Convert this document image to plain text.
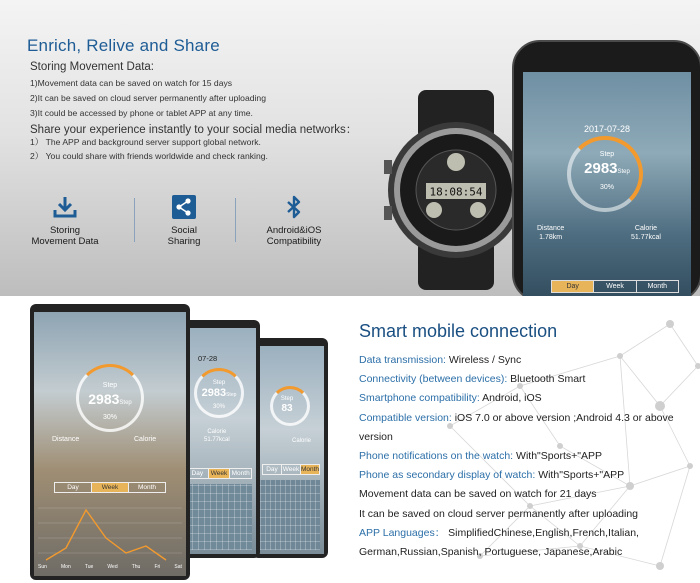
Enrich, Relive and Share
Storing Movement Data:
1)Movement data can be saved on watch for 15 days
2)It can be saved on cloud server permanently after uploading
3)It could be accessed by phone or tablet APP at any time.
Share your experience instantly to your social media networks：
1） The APP and background server support global network.
2） You could share with friends worldwide and check ranking.
Storing
Movement Data
Social
Sharing
Android&iOS
Compatibility
18:08:54
2017-07-28
Step
2983Step
30%
Distance
1.78km
Calorie
51.77kcal
Day	Week	Month
Step
83
Calorie
Day Week Month
07-28
Step
2983Step
30%
Calorie
51.77kcal
Day	Week Month
Step
2983Step
30%
Distance	Calorie
Day	Week	Month
Sun	Mon	Tue	Wed	Thu	Fri	Sat
Smart mobile connection
Data transmission: Wireless / Sync
Connectivity (between devices): Bluetooth Smart
Smartphone compatibility: Android, iOS
Compatible version: iOS 7.0 or above version ;Android 4.3 or above version
Phone notifications on the watch: With"Sports+"APP
Phone as secondary display of watch: With"Sports+"APP
Movement data can be saved on watch for 21 days
It can be saved on cloud server permanently after uploading
APP Languages： SimplifiedChinese,English,French,Italian, German,Russian,Spanish, Portuguese, Japanese,Arabic
